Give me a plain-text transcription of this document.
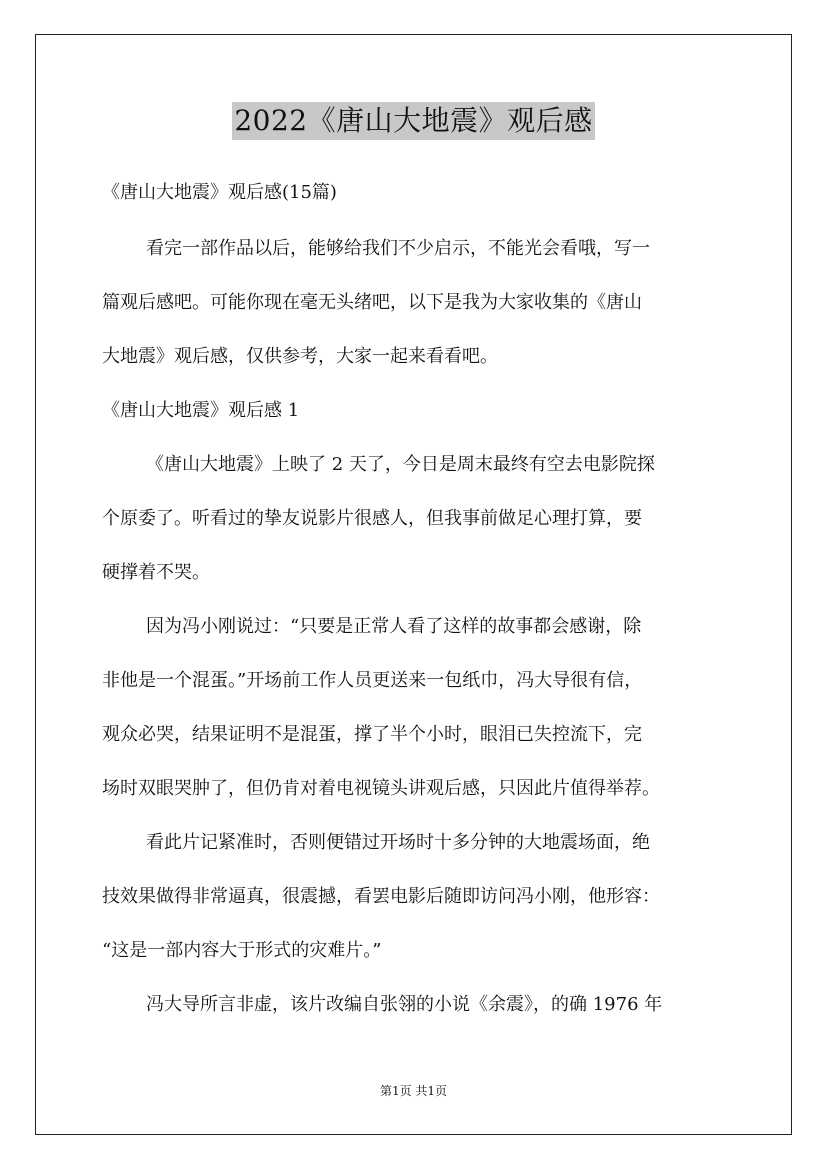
2022《唐山大地震》观后感
《唐山大地震》观后感(15篇)
看完一部作品以后，能够给我们不少启示，不能光会看哦，写一
篇观后感吧。可能你现在毫无头绪吧，以下是我为大家收集的《唐山
大地震》观后感，仅供参考，大家一起来看看吧。
《唐山大地震》观后感 1
《唐山大地震》上映了 2 天了，今日是周末最终有空去电影院探
个原委了。听看过的挚友说影片很感人，但我事前做足心理打算，要
硬撑着不哭。
因为冯小刚说过：“只要是正常人看了这样的故事都会感谢，除
非他是一个混蛋。”开场前工作人员更送来一包纸巾，冯大导很有信，
观众必哭，结果证明不是混蛋，撑了半个小时，眼泪已失控流下，完
场时双眼哭肿了，但仍肯对着电视镜头讲观后感，只因此片值得举荐。
看此片记紧准时，否则便错过开场时十多分钟的大地震场面，绝
技效果做得非常逼真，很震撼，看罢电影后随即访问冯小刚，他形容：
“这是一部内容大于形式的灾难片。”
冯大导所言非虚，该片改编自张翎的小说《余震》，的确 1976 年
第1页 共1页
